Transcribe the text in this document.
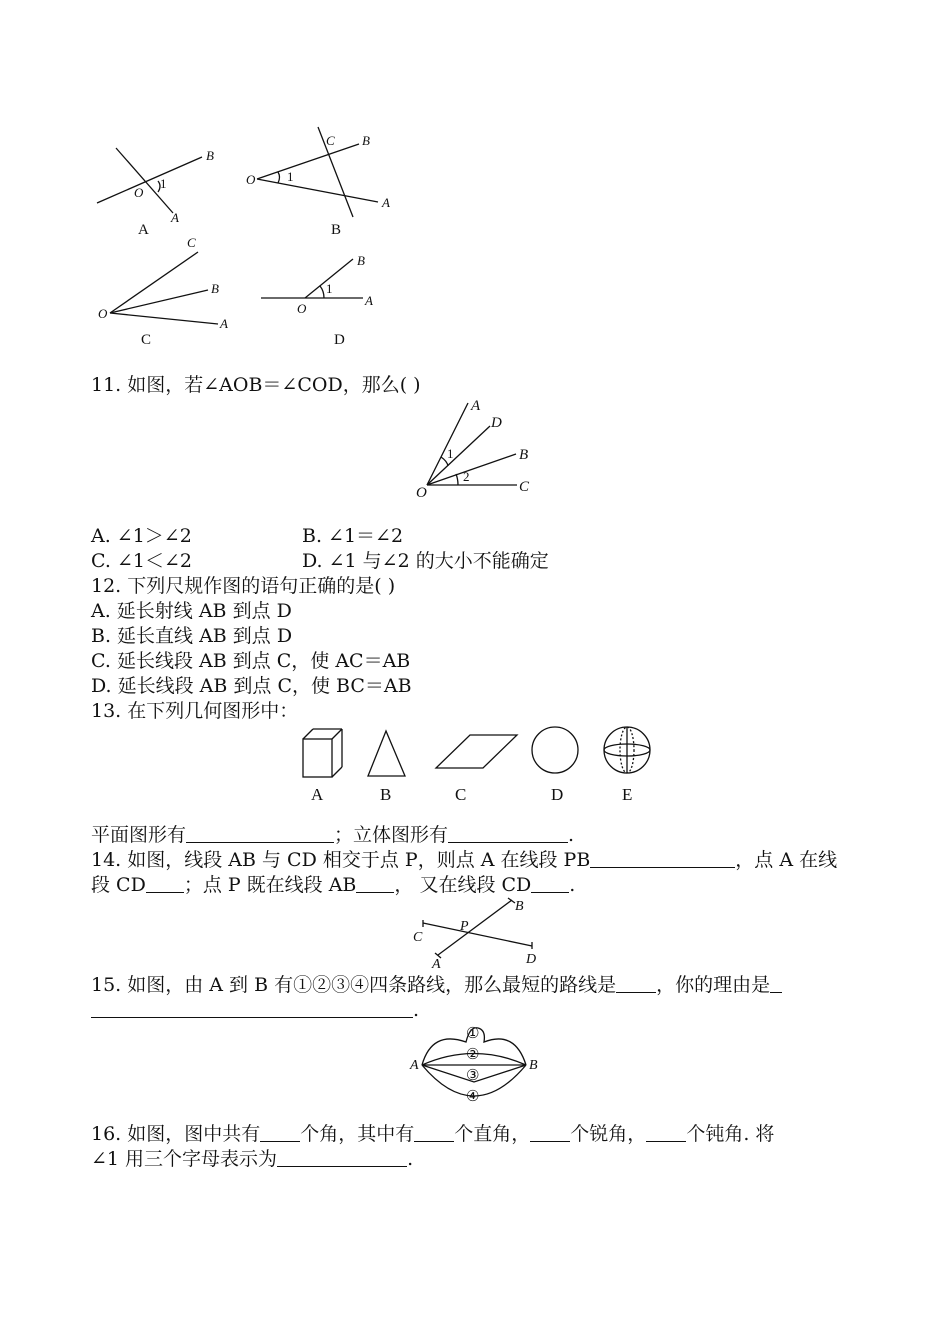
O
B
A
1
A
O
C B
A
1
B
O
C
B
A
C
O
B
A
1
D
11. 如图，若∠AOB＝∠COD，那么( )
A
D
B
C
O
1
2
A. ∠1＞∠2	B. ∠1＝∠2
C. ∠1＜∠2	D. ∠1 与∠2 的大小不能确定
12. 下列尺规作图的语句正确的是( )
A. 延长射线 AB 到点 D
B. 延长直线 AB 到点 D
C. 延长线段 AB 到点 C，使 AC＝AB
D. 延长线段 AB 到点 C，使 BC＝AB
13. 在下列几何图形中：
A	B	C	D	E
平面图形有	；立体图形有	.
14. 如图，线段 AB 与 CD 相交于点 P，则点 A 在线段 PB	，点 A 在线
段 CD ；点 P 既在线段 AB ， 又在线段 CD .
B
P
C
A	D
15. 如图，由 A 到 B 有①②③④四条路线，那么最短的路线是 ，你的理由是
.
A	B
①
②
③
④
16. 如图，图中共有 个角，其中有 个直角， 个锐角， 个钝角. 将
∠1 用三个字母表示为	.
